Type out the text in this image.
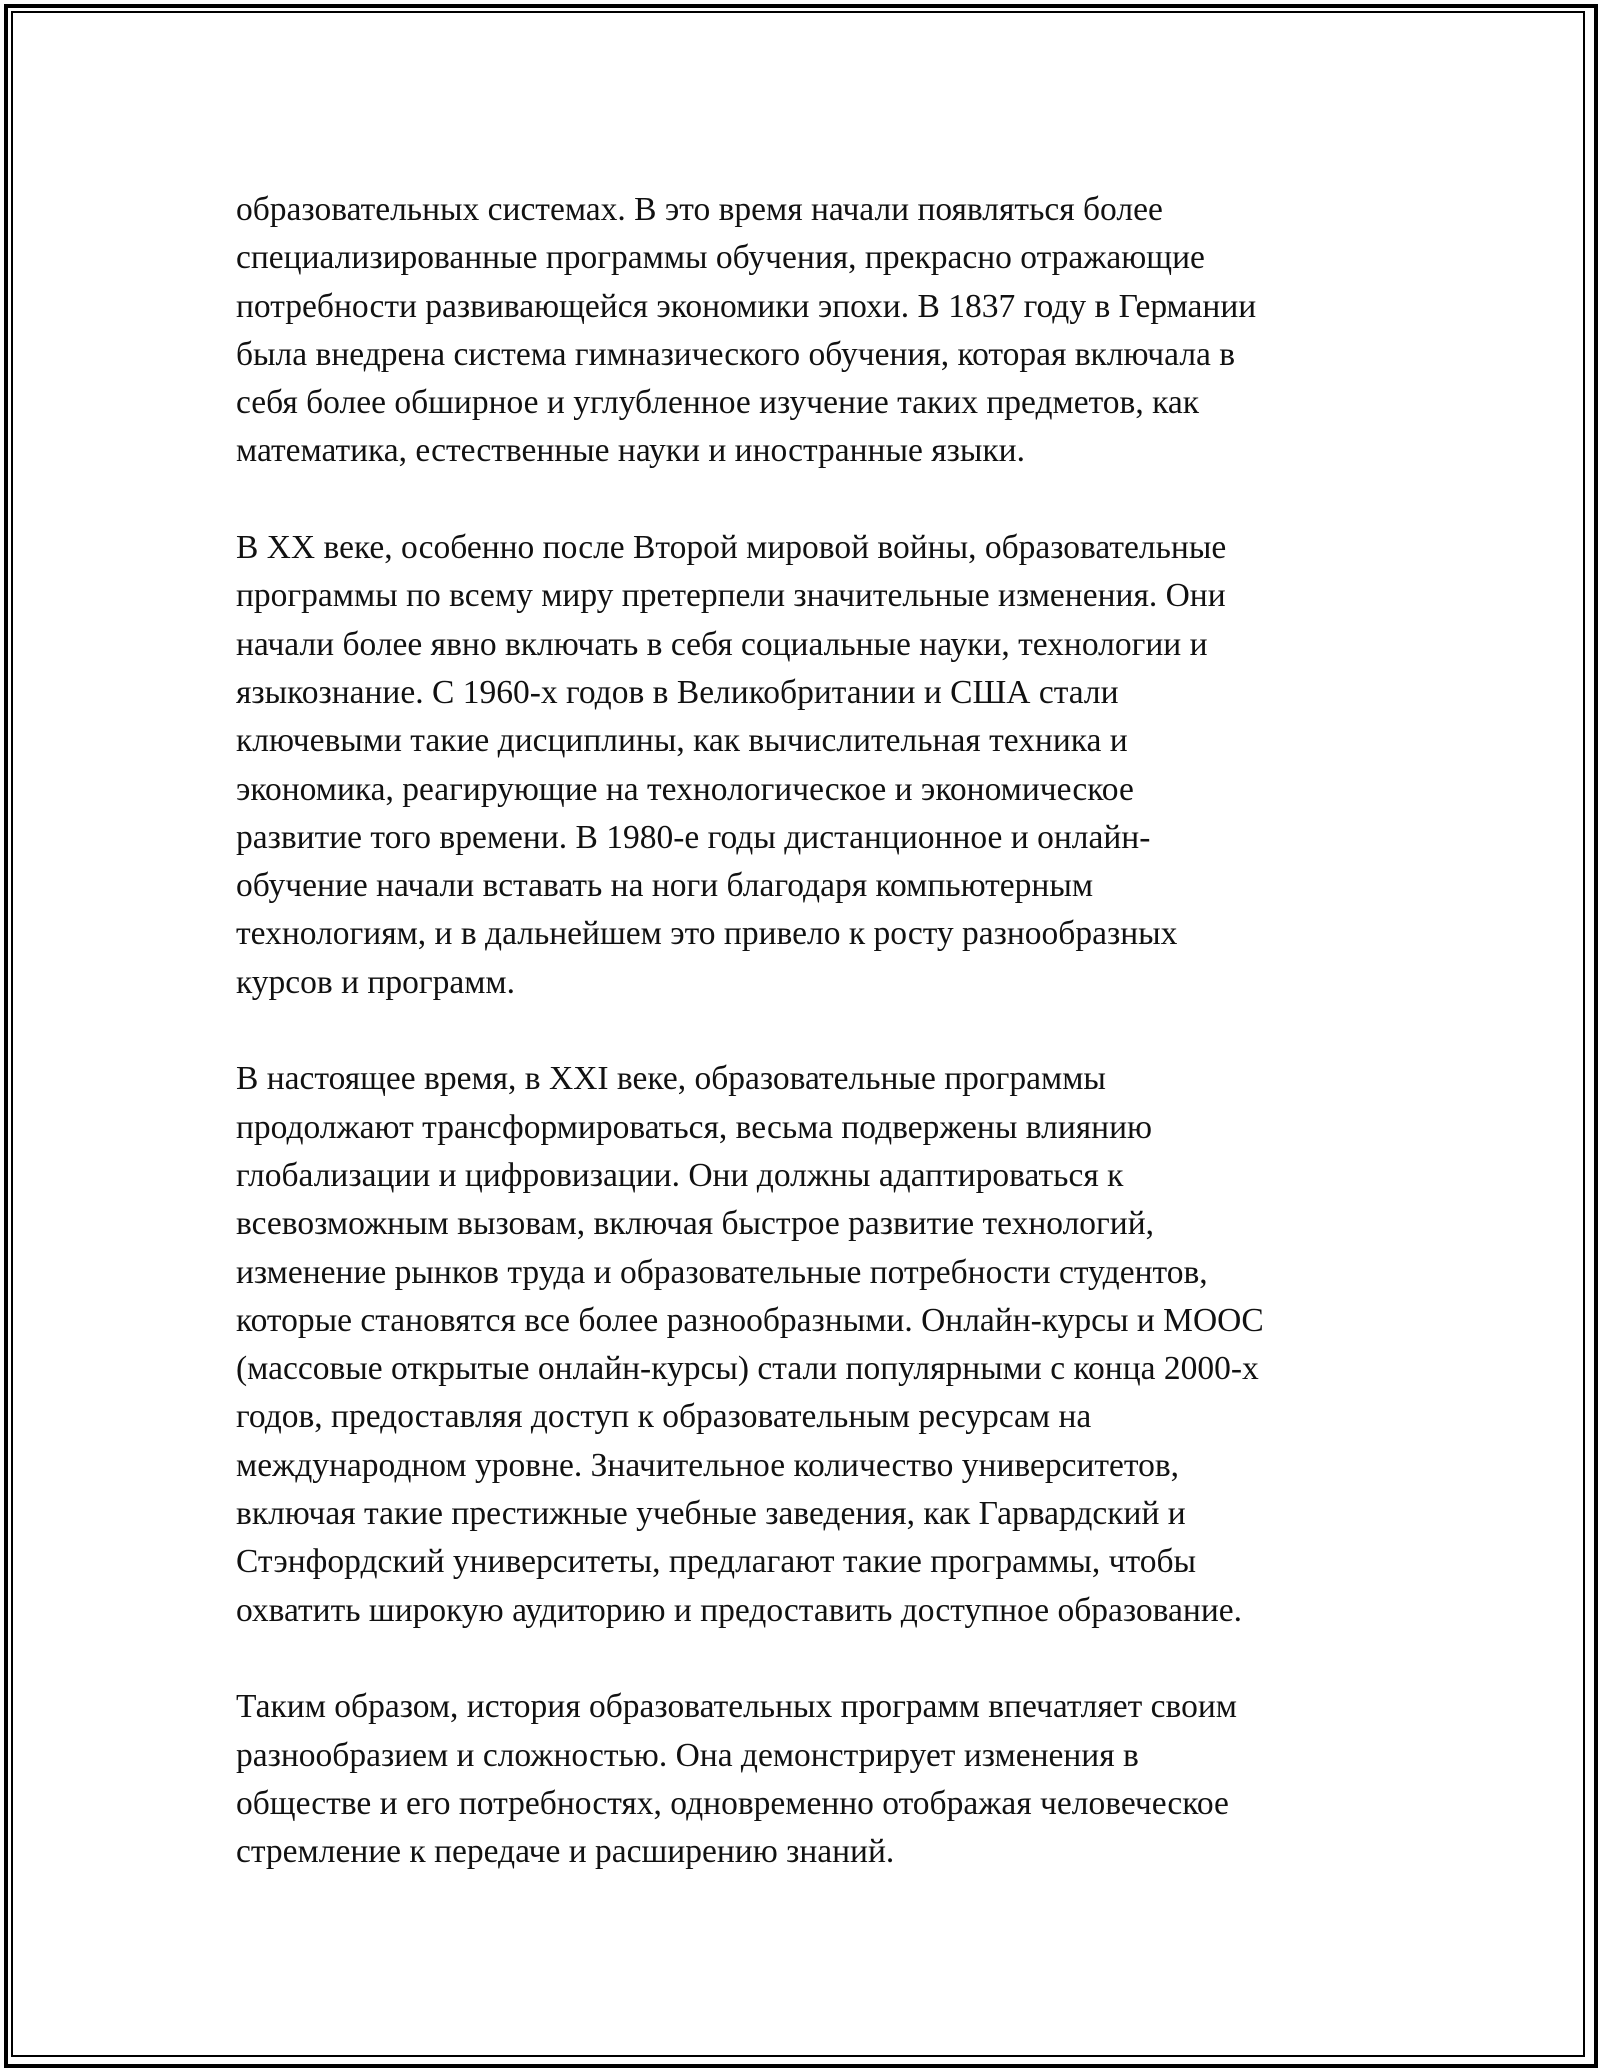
образовательных системах. В это время начали появляться более
специализированные программы обучения, прекрасно отражающие
потребности развивающейся экономики эпохи. В 1837 году в Германии
была внедрена система гимназического обучения, которая включала в
себя более обширное и углубленное изучение таких предметов, как
математика, естественные науки и иностранные языки.

В XX веке, особенно после Второй мировой войны, образовательные
программы по всему миру претерпели значительные изменения. Они
начали более явно включать в себя социальные науки, технологии и
языкознание. С 1960-х годов в Великобритании и США стали
ключевыми такие дисциплины, как вычислительная техника и
экономика, реагирующие на технологическое и экономическое
развитие того времени. В 1980-е годы дистанционное и онлайн-
обучение начали вставать на ноги благодаря компьютерным
технологиям, и в дальнейшем это привело к росту разнообразных
курсов и программ.

В настоящее время, в XXI веке, образовательные программы
продолжают трансформироваться, весьма подвержены влиянию
глобализации и цифровизации. Они должны адаптироваться к
всевозможным вызовам, включая быстрое развитие технологий,
изменение рынков труда и образовательные потребности студентов,
которые становятся все более разнообразными. Онлайн-курсы и MOOC
(массовые открытые онлайн-курсы) стали популярными с конца 2000-х
годов, предоставляя доступ к образовательным ресурсам на
международном уровне. Значительное количество университетов,
включая такие престижные учебные заведения, как Гарвардский и
Стэнфордский университеты, предлагают такие программы, чтобы
охватить широкую аудиторию и предоставить доступное образование.

Таким образом, история образовательных программ впечатляет своим
разнообразием и сложностью. Она демонстрирует изменения в
обществе и его потребностях, одновременно отображая человеческое
стремление к передаче и расширению знаний.
